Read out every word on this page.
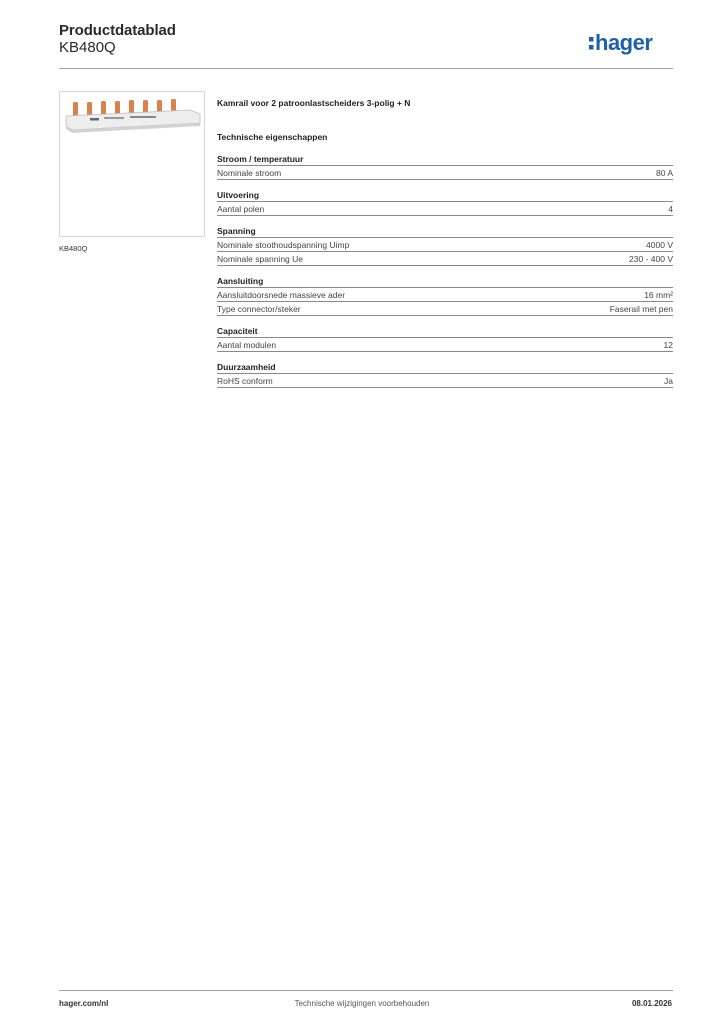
Productdatablad
KB480Q	hager
KB480Q
Kamrail voor 2 patroonlastscheiders 3-polig + N
Technische eigenschappen
Stroom / temperatuur
Nominale stroom	80 A
Uitvoering
Aantal polen	4
Spanning
Nominale stoothoudspanning Uimp	4000 V
Nominale spanning Ue	230 - 400 V
Aansluiting
Aansluitdoorsnede massieve ader	16 mm²
Type connector/steker	Faserail met pen
Capaciteit
Aantal modulen	12
Duurzaamheid
RoHS conform	Ja
hager.com/nl	Technische wijzigingen voorbehouden	08.01.2026
